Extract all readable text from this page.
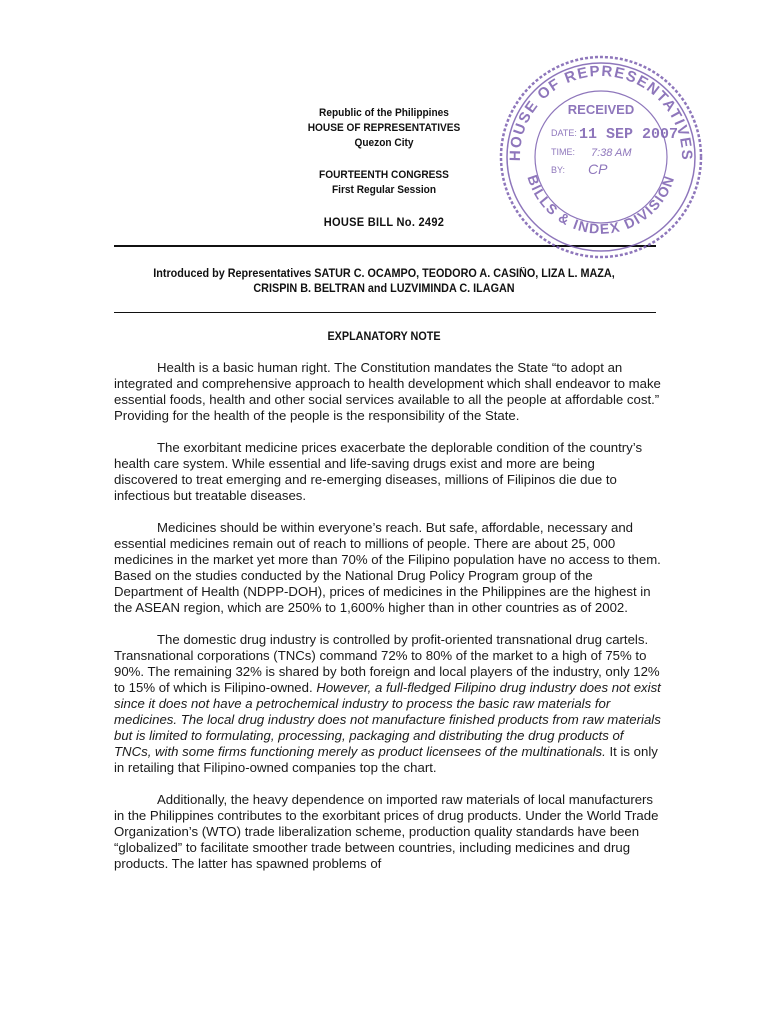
Republic of the Philippines
HOUSE OF REPRESENTATIVES
Quezon City
FOURTEENTH CONGRESS
First Regular Session
HOUSE BILL No. 2492
Introduced by Representatives SATUR C. OCAMPO, TEODORO A. CASIÑO, LIZA L. MAZA,
CRISPIN B. BELTRAN and LUZVIMINDA C. ILAGAN
EXPLANATORY NOTE

Health is a basic human right. The Constitution mandates the State “to adopt an integrated and comprehensive approach to health development which shall endeavor to make essential foods, health and other social services available to all the people at affordable cost.” Providing for the health of the people is the responsibility of the State.

The exorbitant medicine prices exacerbate the deplorable condition of the country’s health care system. While essential and life-saving drugs exist and more are being discovered to treat emerging and re-emerging diseases, millions of Filipinos die due to infectious but treatable diseases.

Medicines should be within everyone’s reach. But safe, affordable, necessary and essential medicines remain out of reach to millions of people. There are about 25, 000 medicines in the market yet more than 70% of the Filipino population have no access to them. Based on the studies conducted by the National Drug Policy Program group of the Department of Health (NDPP-DOH), prices of medicines in the Philippines are the highest in the ASEAN region, which are 250% to 1,600% higher than in other countries as of 2002.

The domestic drug industry is controlled by profit-oriented transnational drug cartels. Transnational corporations (TNCs) command 72% to 80% of the market to a high of 75% to 90%. The remaining 32% is shared by both foreign and local players of the industry, only 12% to 15% of which is Filipino-owned. However, a full-fledged Filipino drug industry does not exist since it does not have a petrochemical industry to process the basic raw materials for medicines. The local drug industry does not manufacture finished products from raw materials but is limited to formulating, processing, packaging and distributing the drug products of TNCs, with some firms functioning merely as product licensees of the multinationals. It is only in retailing that Filipino-owned companies top the chart.

Additionally, the heavy dependence on imported raw materials of local manufacturers in the Philippines contributes to the exorbitant prices of drug products. Under the World Trade Organization’s (WTO) trade liberalization scheme, production quality standards have been “globalized” to facilitate smoother trade between countries, including medicines and drug products. The latter has spawned problems of

HOUSE OF REPRESENTATIVES
BILLS & INDEX DIVISION
RECEIVED
DATE: 11 SEP 2007
TIME: 7:38 AM
BY: CP
